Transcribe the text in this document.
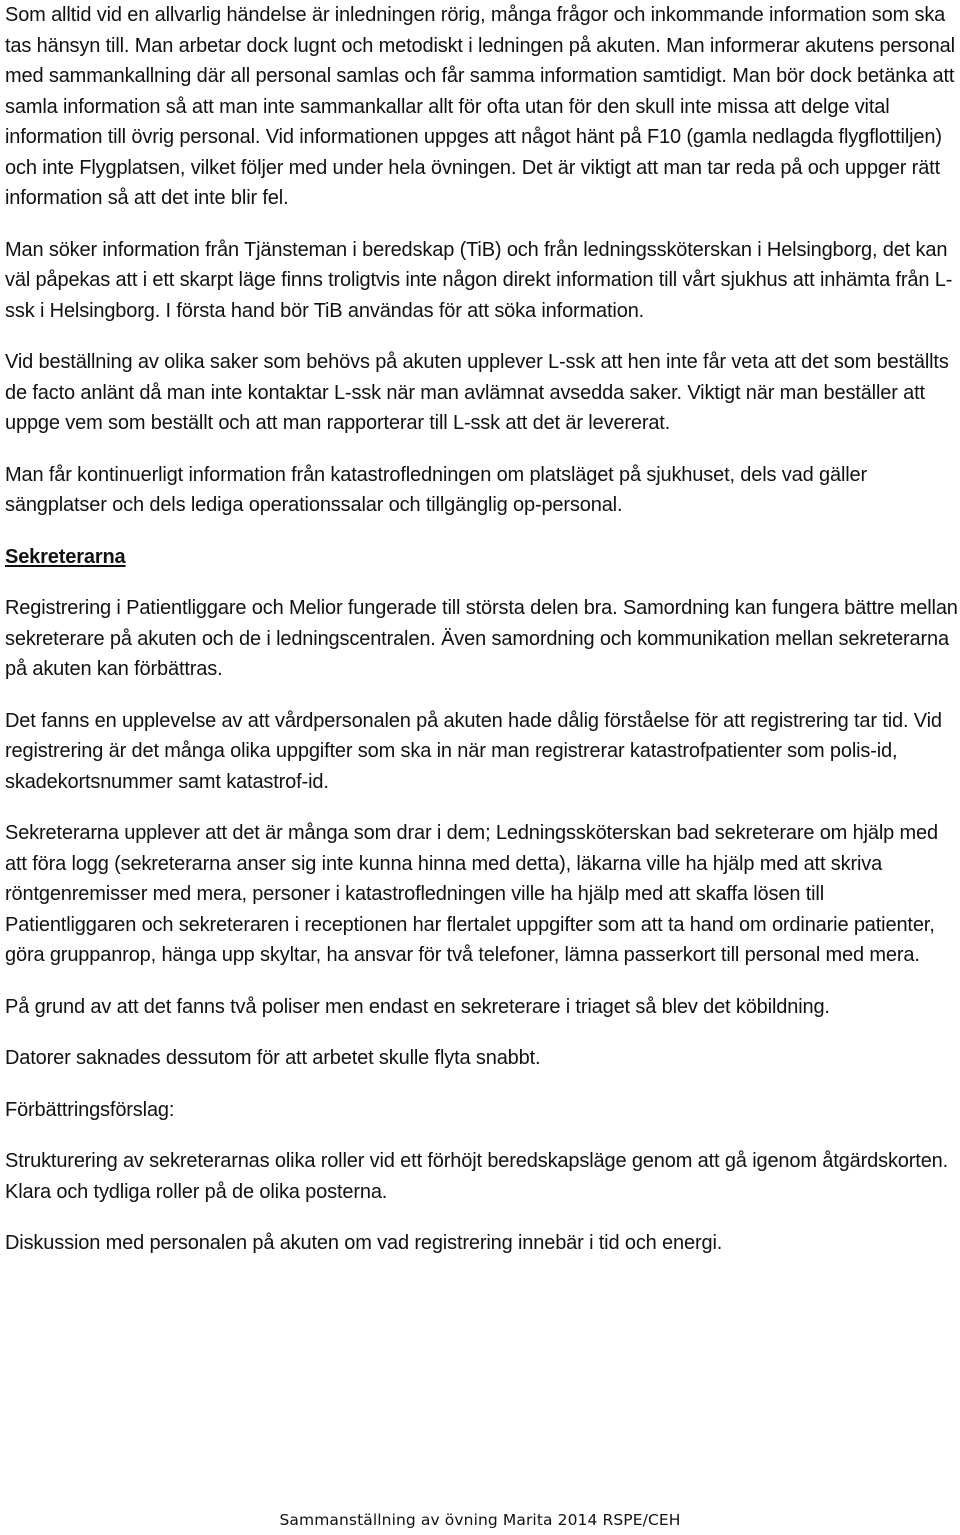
Som alltid vid en allvarlig händelse är inledningen rörig, många frågor och inkommande information som ska tas hänsyn till. Man arbetar dock lugnt och metodiskt i ledningen på akuten. Man informerar akutens personal med sammankallning där all personal samlas och får samma information samtidigt. Man bör dock betänka att samla information så att man inte sammankallar allt för ofta utan för den skull inte missa att delge vital information till övrig personal. Vid informationen uppges att något hänt på F10 (gamla nedlagda flygflottiljen) och inte Flygplatsen, vilket följer med under hela övningen. Det är viktigt att man tar reda på och uppger rätt information så att det inte blir fel.

Man söker information från Tjänsteman i beredskap (TiB) och från ledningssköterskan i Helsingborg, det kan väl påpekas att i ett skarpt läge finns troligtvis inte någon direkt information till vårt sjukhus att inhämta från L-ssk i Helsingborg. I första hand bör TiB användas för att söka information.

Vid beställning av olika saker som behövs på akuten upplever L-ssk att hen inte får veta att det som beställts de facto anlänt då man inte kontaktar L-ssk när man avlämnat avsedda saker. Viktigt när man beställer att uppge vem som beställt och att man rapporterar till L-ssk att det är levererat.

Man får kontinuerligt information från katastrofledningen om platsläget på sjukhuset, dels vad gäller sängplatser och dels lediga operationssalar och tillgänglig op-personal.

Sekreterarna

Registrering i Patientliggare och Melior fungerade till största delen bra. Samordning kan fungera bättre mellan sekreterare på akuten och de i ledningscentralen. Även samordning och kommunikation mellan sekreterarna på akuten kan förbättras.

Det fanns en upplevelse av att vårdpersonalen på akuten hade dålig förståelse för att registrering tar tid. Vid registrering är det många olika uppgifter som ska in när man registrerar katastrofpatienter som polis-id, skadekortsnummer samt katastrof-id.

Sekreterarna upplever att det är många som drar i dem; Ledningssköterskan bad sekreterare om hjälp med att föra logg (sekreterarna anser sig inte kunna hinna med detta), läkarna ville ha hjälp med att skriva röntgenremisser med mera, personer i katastrofledningen ville ha hjälp med att skaffa lösen till Patientliggaren och sekreteraren i receptionen har flertalet uppgifter som att ta hand om ordinarie patienter, göra gruppanrop, hänga upp skyltar, ha ansvar för två telefoner, lämna passerkort till personal med mera.

På grund av att det fanns två poliser men endast en sekreterare i triaget så blev det köbildning.

Datorer saknades dessutom för att arbetet skulle flyta snabbt.

Förbättringsförslag:

Strukturering av sekreterarnas olika roller vid ett förhöjt beredskapsläge genom att gå igenom åtgärdskorten. Klara och tydliga roller på de olika posterna.

Diskussion med personalen på akuten om vad registrering innebär i tid och energi.

Sammanställning av övning Marita 2014 RSPE/CEH
